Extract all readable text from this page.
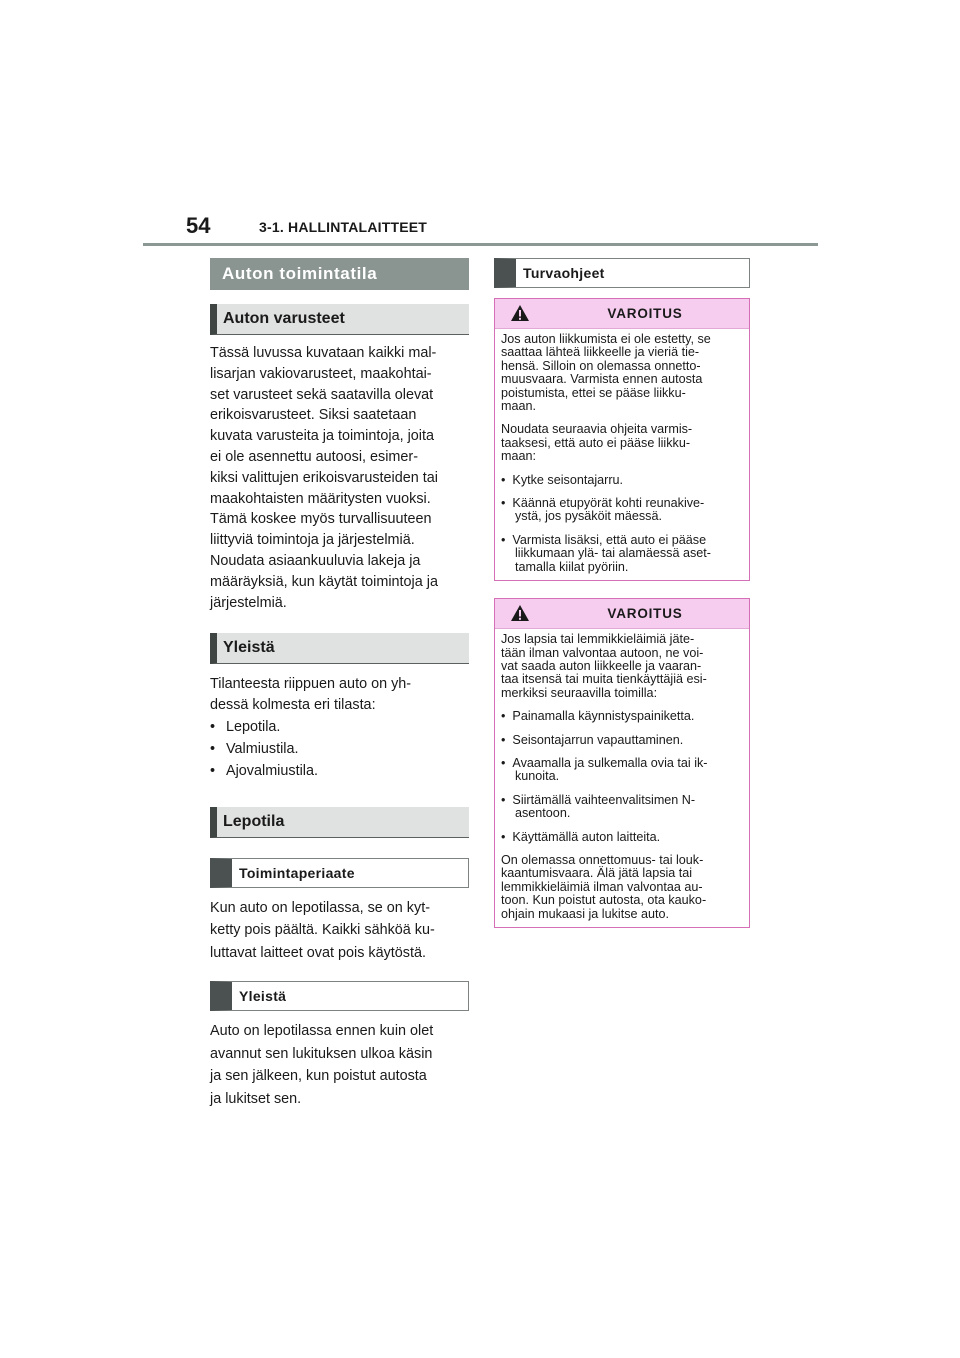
54	3-1. HALLINTALAITTEET
Auton toimintatila
Auton varusteet

Tässä luvussa kuvataan kaikki mal-
lisarjan vakiovarusteet, maakohtai-
set varusteet sekä saatavilla olevat
erikoisvarusteet. Siksi saatetaan
kuvata varusteita ja toimintoja, joita
ei ole asennettu autoosi, esimer-
kiksi valittujen erikoisvarusteiden tai
maakohtaisten määritysten vuoksi.
Tämä koskee myös turvallisuuteen
liittyviä toimintoja ja järjestelmiä.
Noudata asiaankuuluvia lakeja ja
määräyksiä, kun käytät toimintoja ja
järjestelmiä.

Yleistä

Tilanteesta riippuen auto on yh-
dessä kolmesta eri tilasta:

• Lepotila.
• Valmiustila.
• Ajovalmiustila.
Lepotila
Toimintaperiaate

Kun auto on lepotilassa, se on kyt-
ketty pois päältä. Kaikki sähköä ku-
luttavat laitteet ovat pois käytöstä.

Yleistä

Auto on lepotilassa ennen kuin olet
avannut sen lukituksen ulkoa käsin
ja sen jälkeen, kun poistut autosta
ja lukitset sen.

Turvaohjeet
VAROITUS

Jos auton liikkumista ei ole estetty, se
saattaa lähteä liikkeelle ja vieriä tie-
hensä. Silloin on olemassa onnetto-
muusvaara. Varmista ennen autosta
poistumista, ettei se pääse liikku-
maan.

Noudata seuraavia ohjeita varmis-
taaksesi, että auto ei pääse liikku-
maan:

•  Kytke seisontajarru.
•  Käännä etupyörät kohti reunakive-
ystä, jos pysäköit mäessä.
•  Varmista lisäksi, että auto ei pääse
liikkumaan ylä- tai alamäessä aset-
tamalla kiilat pyöriin.
VAROITUS

Jos lapsia tai lemmikkieläimiä jäte-
tään ilman valvontaa autoon, ne voi-
vat saada auton liikkeelle ja vaaran-
taa itsensä tai muita tienkäyttäjiä esi-
merkiksi seuraavilla toimilla:

•  Painamalla käynnistyspainiketta.
•  Seisontajarrun vapauttaminen.
•  Avaamalla ja sulkemalla ovia tai ik-
kunoita.
•  Siirtämällä vaihteenvalitsimen N-
asentoon.
•  Käyttämällä auton laitteita.

On olemassa onnettomuus- tai louk-
kaantumisvaara. Älä jätä lapsia tai
lemmikkieläimiä ilman valvontaa au-
toon. Kun poistut autosta, ota kauko-
ohjain mukaasi ja lukitse auto.
